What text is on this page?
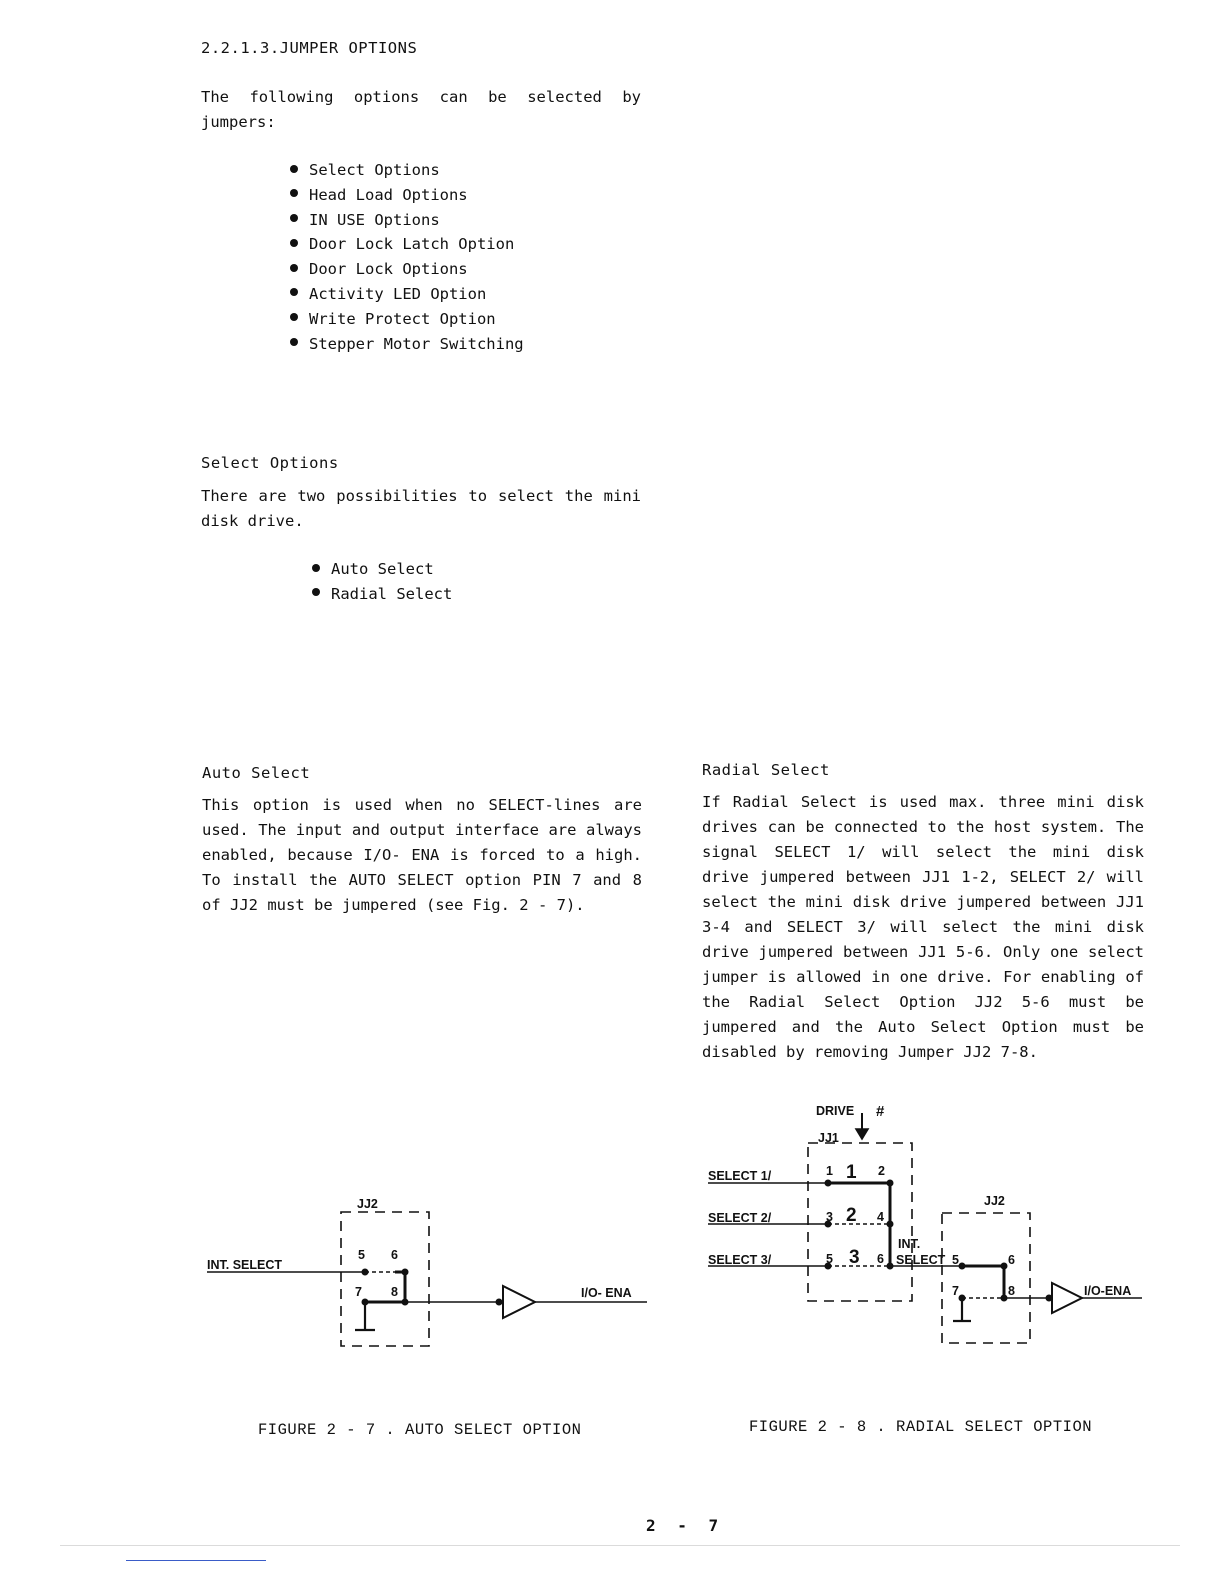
2.2.1.3.JUMPER OPTIONS
The following options can be selected by jumpers:
Select Options
Head Load Options
IN USE Options
Door Lock Latch Option
Door Lock Options
Activity LED Option
Write Protect Option
Stepper Motor Switching
Select Options
There are two possibilities to select the mini disk drive.
Auto Select
Radial Select
Auto Select
This option is used when no SELECT-lines are used. The input and output interface are always enabled, because I/O- ENA is forced to a high. To install the AUTO SELECT option PIN 7 and 8 of JJ2 must be jumpered (see Fig. 2 - 7).
Radial Select
If Radial Select is used max. three mini disk drives can be connected to the host system. The signal SELECT 1/ will select the mini disk drive jumpered between JJ1 1-2, SELECT 2/ will select the mini disk drive jumpered between JJ1 3-4 and SELECT 3/ will select the mini disk drive jumpered between JJ1 5-6. Only one select jumper is allowed in one drive. For enabling of the Radial Select Option JJ2 5-6 must be jumpered and the Auto Select Option must be disabled by removing Jumper JJ2 7-8.
JJ2
INT. SELECT
5 6
7 8	I/O- ENA
DRIVE #
JJ1
JJ2
SELECT 1/
SELECT 2/
SELECT 3/
1	2
3	4
5	6
1
2
3
INT.
SELECT 5	6
7	8	I/O-ENA
FIGURE 2 - 7 . AUTO SELECT OPTION	FIGURE 2 - 8 . RADIAL SELECT OPTION
2 - 7
